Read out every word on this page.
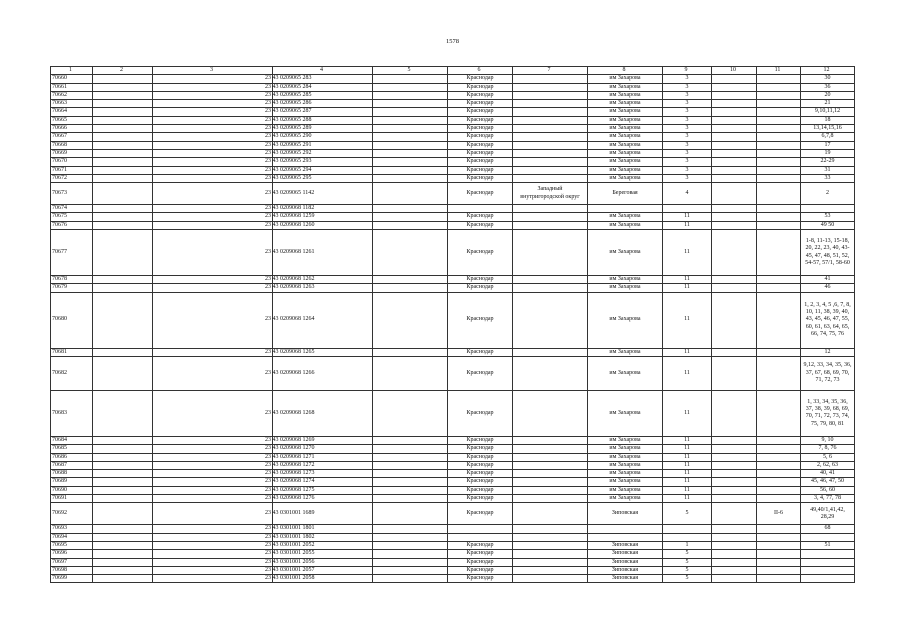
1578
1	2	3	4	5	6	7	8	9	10	11	12
70660		23 43 0209065 283			Краснодар		им Захарова	3			30
70661		23 43 0209065 284			Краснодар		им Захарова	3			36
70662		23 43 0209065 285			Краснодар		им Захарова	3			20
70663		23 43 0209065 286			Краснодар		им Захарова	3			21
70664		23 43 0209065 287			Краснодар		им Захарова	3			9,10,11,12
70665		23 43 0209065 288			Краснодар		им Захарова	3			18
70666		23 43 0209065 289			Краснодар		им Захарова	3			13,14,15,16
70667		23 43 0209065 290			Краснодар		им Захарова	3			6,7,8
70668		23 43 0209065 291			Краснодар		им Захарова	3			17
70669		23 43 0209065 292			Краснодар		им Захарова	3			19
70670		23 43 0209065 293			Краснодар		им Захарова	3			22-29
70671		23 43 0209065 294			Краснодар		им Захарова	3			31
70672		23 43 0209065 295			Краснодар		им Захарова	3			33
70673		23 43 0209065 1142			Краснодар	Западный внутригородской округ	Береговая	4			2
70674		23 43 0209068 1182									
70675		23 43 0209068 1259			Краснодар		им Захарова	11			53
70676		23 43 0209068 1260			Краснодар		им Захарова	11			49 50
70677		23 43 0209068 1261			Краснодар		им Захарова	11			1-8, 11-13, 15-18, 20, 22, 23, 40, 43-45, 47, 48, 51, 52, 54-57, 57/1, 58-60
70678		23 43 0209068 1262			Краснодар		им Захарова	11			41
70679		23 43 0209068 1263			Краснодар		им Захарова	11			46
70680		23 43 0209068 1264			Краснодар		им Захарова	11			1, 2, 3, 4, 5 ,6, 7, 8, 10, 11, 38, 39, 40, 43, 45, 46, 47, 55, 60, 61, 63, 64, 65, 66, 74, 75, 76
70681		23 43 0209068 1265			Краснодар		им Захарова	11			12
70682		23 43 0209068 1266			Краснодар		им Захарова	11			9,12, 33, 34, 35, 36, 37, 67, 68, 69, 70, 71, 72, 73
70683		23 43 0209068 1268			Краснодар		им Захарова	11			1, 33, 34, 35, 36, 37, 38, 39, 68, 69, 70, 71, 72, 73, 74, 75, 79, 80, 81
70684		23 43 0209068 1269			Краснодар		им Захарова	11			9, 10
70685		23 43 0209068 1270			Краснодар		им Захарова	11			7, 8, 76
70686		23 43 0209068 1271			Краснодар		им Захарова	11			5, 6
70687		23 43 0209068 1272			Краснодар		им Захарова	11			2, 62, 63
70688		23 43 0209068 1273			Краснодар		им Захарова	11			40, 41
70689		23 43 0209068 1274			Краснодар		им Захарова	11			45, 46, 47, 50
70690		23 43 0209068 1275			Краснодар		им Захарова	11			56, 60
70691		23 43 0209068 1276			Краснодар		им Захарова	11			3, 4, 77, 78
70692		23 43 0301001 1689			Краснодар		Зиповская	5		II-6	49,40/1,41,42, 28,29
70693		23 43 0301001 1801									68
70694		23 43 0301001 1802									
70695		23 43 0301001 2052			Краснодар		Зиповская	1			51
70696		23 43 0301001 2055			Краснодар		Зиповская	5			
70697		23 43 0301001 2056			Краснодар		Зиповская	5			
70698		23 43 0301001 2057			Краснодар		Зиповская	5			
70699		23 43 0301001 2058			Краснодар		Зиповская	5			
